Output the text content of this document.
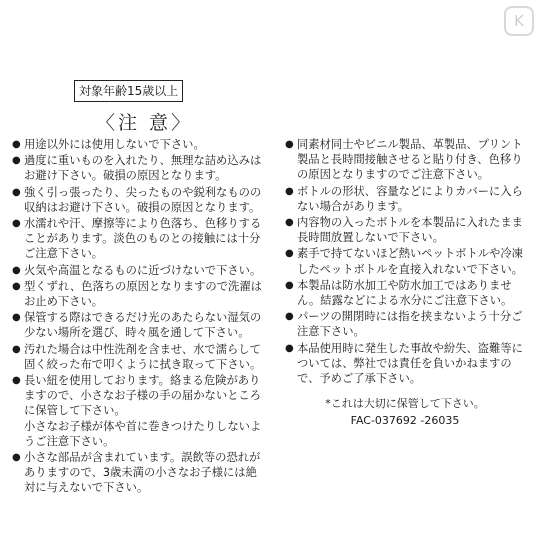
K
対象年齢15歳以上
〈注 意〉

● 用途以外には使用しないで下さい。

● 過度に重いものを入れたり、無理な詰め込みはお避け下さい。破損の原因となります。

● 強く引っ張ったり、尖ったものや鋭利なものの収納はお避け下さい。破損の原因となります。

● 水濡れや汗、摩擦等により色落ち、色移りすることがあります。淡色のものとの接触には十分ご注意下さい。

● 火気や高温となるものに近づけないで下さい。

● 型くずれ、色落ちの原因となりますので洗濯はお止め下さい。

● 保管する際はできるだけ光のあたらない湿気の少ない場所を選び、時々風を通して下さい。

● 汚れた場合は中性洗剤を含ませ、水で濡らして固く絞った布で叩くように拭き取って下さい。

● 長い紐を使用しております。絡まる危険がありますので、小さなお子様の手の届かないところに保管して下さい。

小さなお子様が体や首に巻きつけたりしないようご注意下さい。

● 小さな部品が含まれています。誤飲等の恐れがありますので、3歳未満の小さなお子様には絶対に与えないで下さい。

● 同素材同士やビニル製品、革製品、プリント製品と長時間接触させると貼り付き、色移りの原因となりますのでご注意下さい。

● ボトルの形状、容量などによりカバーに入らない場合があります。

● 内容物の入ったボトルを本製品に入れたまま長時間放置しないで下さい。

● 素手で持てないほど熱いペットボトルや冷凍したペットボトルを直接入れないで下さい。

● 本製品は防水加工や防水加工ではありません。結露などによる水分にご注意下さい。

● パーツの開閉時には指を挟まないよう十分ご注意下さい。

● 本品使用時に発生した事故や紛失、盗難等については、弊社では責任を負いかねますので、予めご了承下さい。

*これは大切に保管して下さい。
FAC-037692 -26035
